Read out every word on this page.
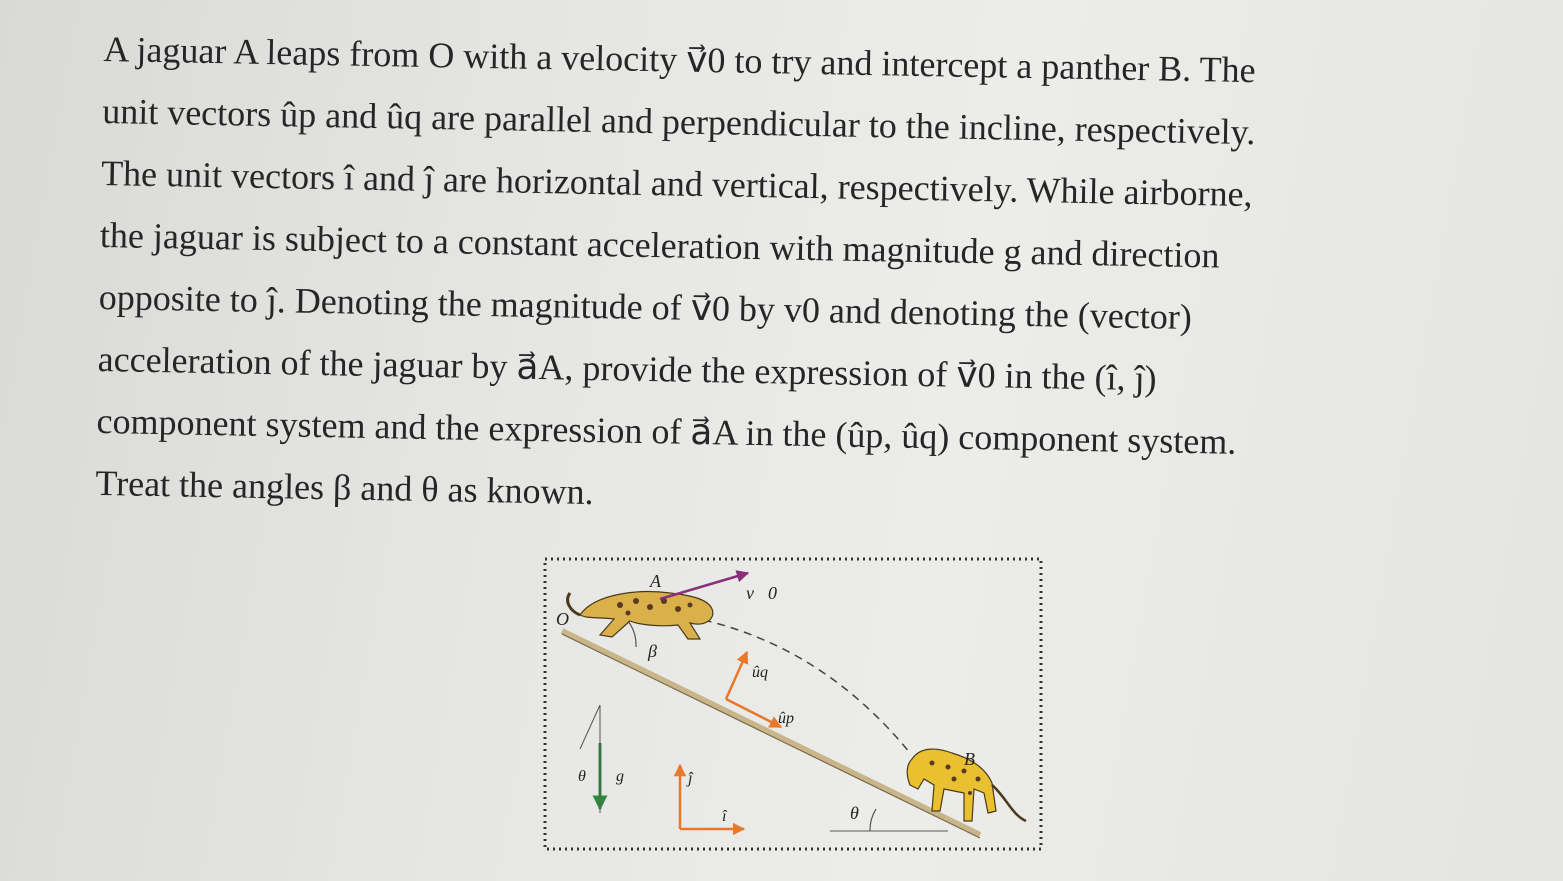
A jaguar A leaps from O with a velocity v⃗0 to try and intercept a panther B. The

unit vectors ûp and ûq are parallel and perpendicular to the incline, respectively.

The unit vectors î and ĵ are horizontal and vertical, respectively. While airborne,

the jaguar is subject to a constant acceleration with magnitude g and direction

opposite to ĵ. Denoting the magnitude of v⃗0 by v0 and denoting the (vector)

acceleration of the jaguar by a⃗A, provide the expression of v⃗0 in the (î, ĵ)

component system and the expression of a⃗A in the (ûp, ûq) component system.

Treat the angles β and θ as known.

A
O
B
v⃗0
β
ûq
ûp
θ g	ĵ
î	θ
